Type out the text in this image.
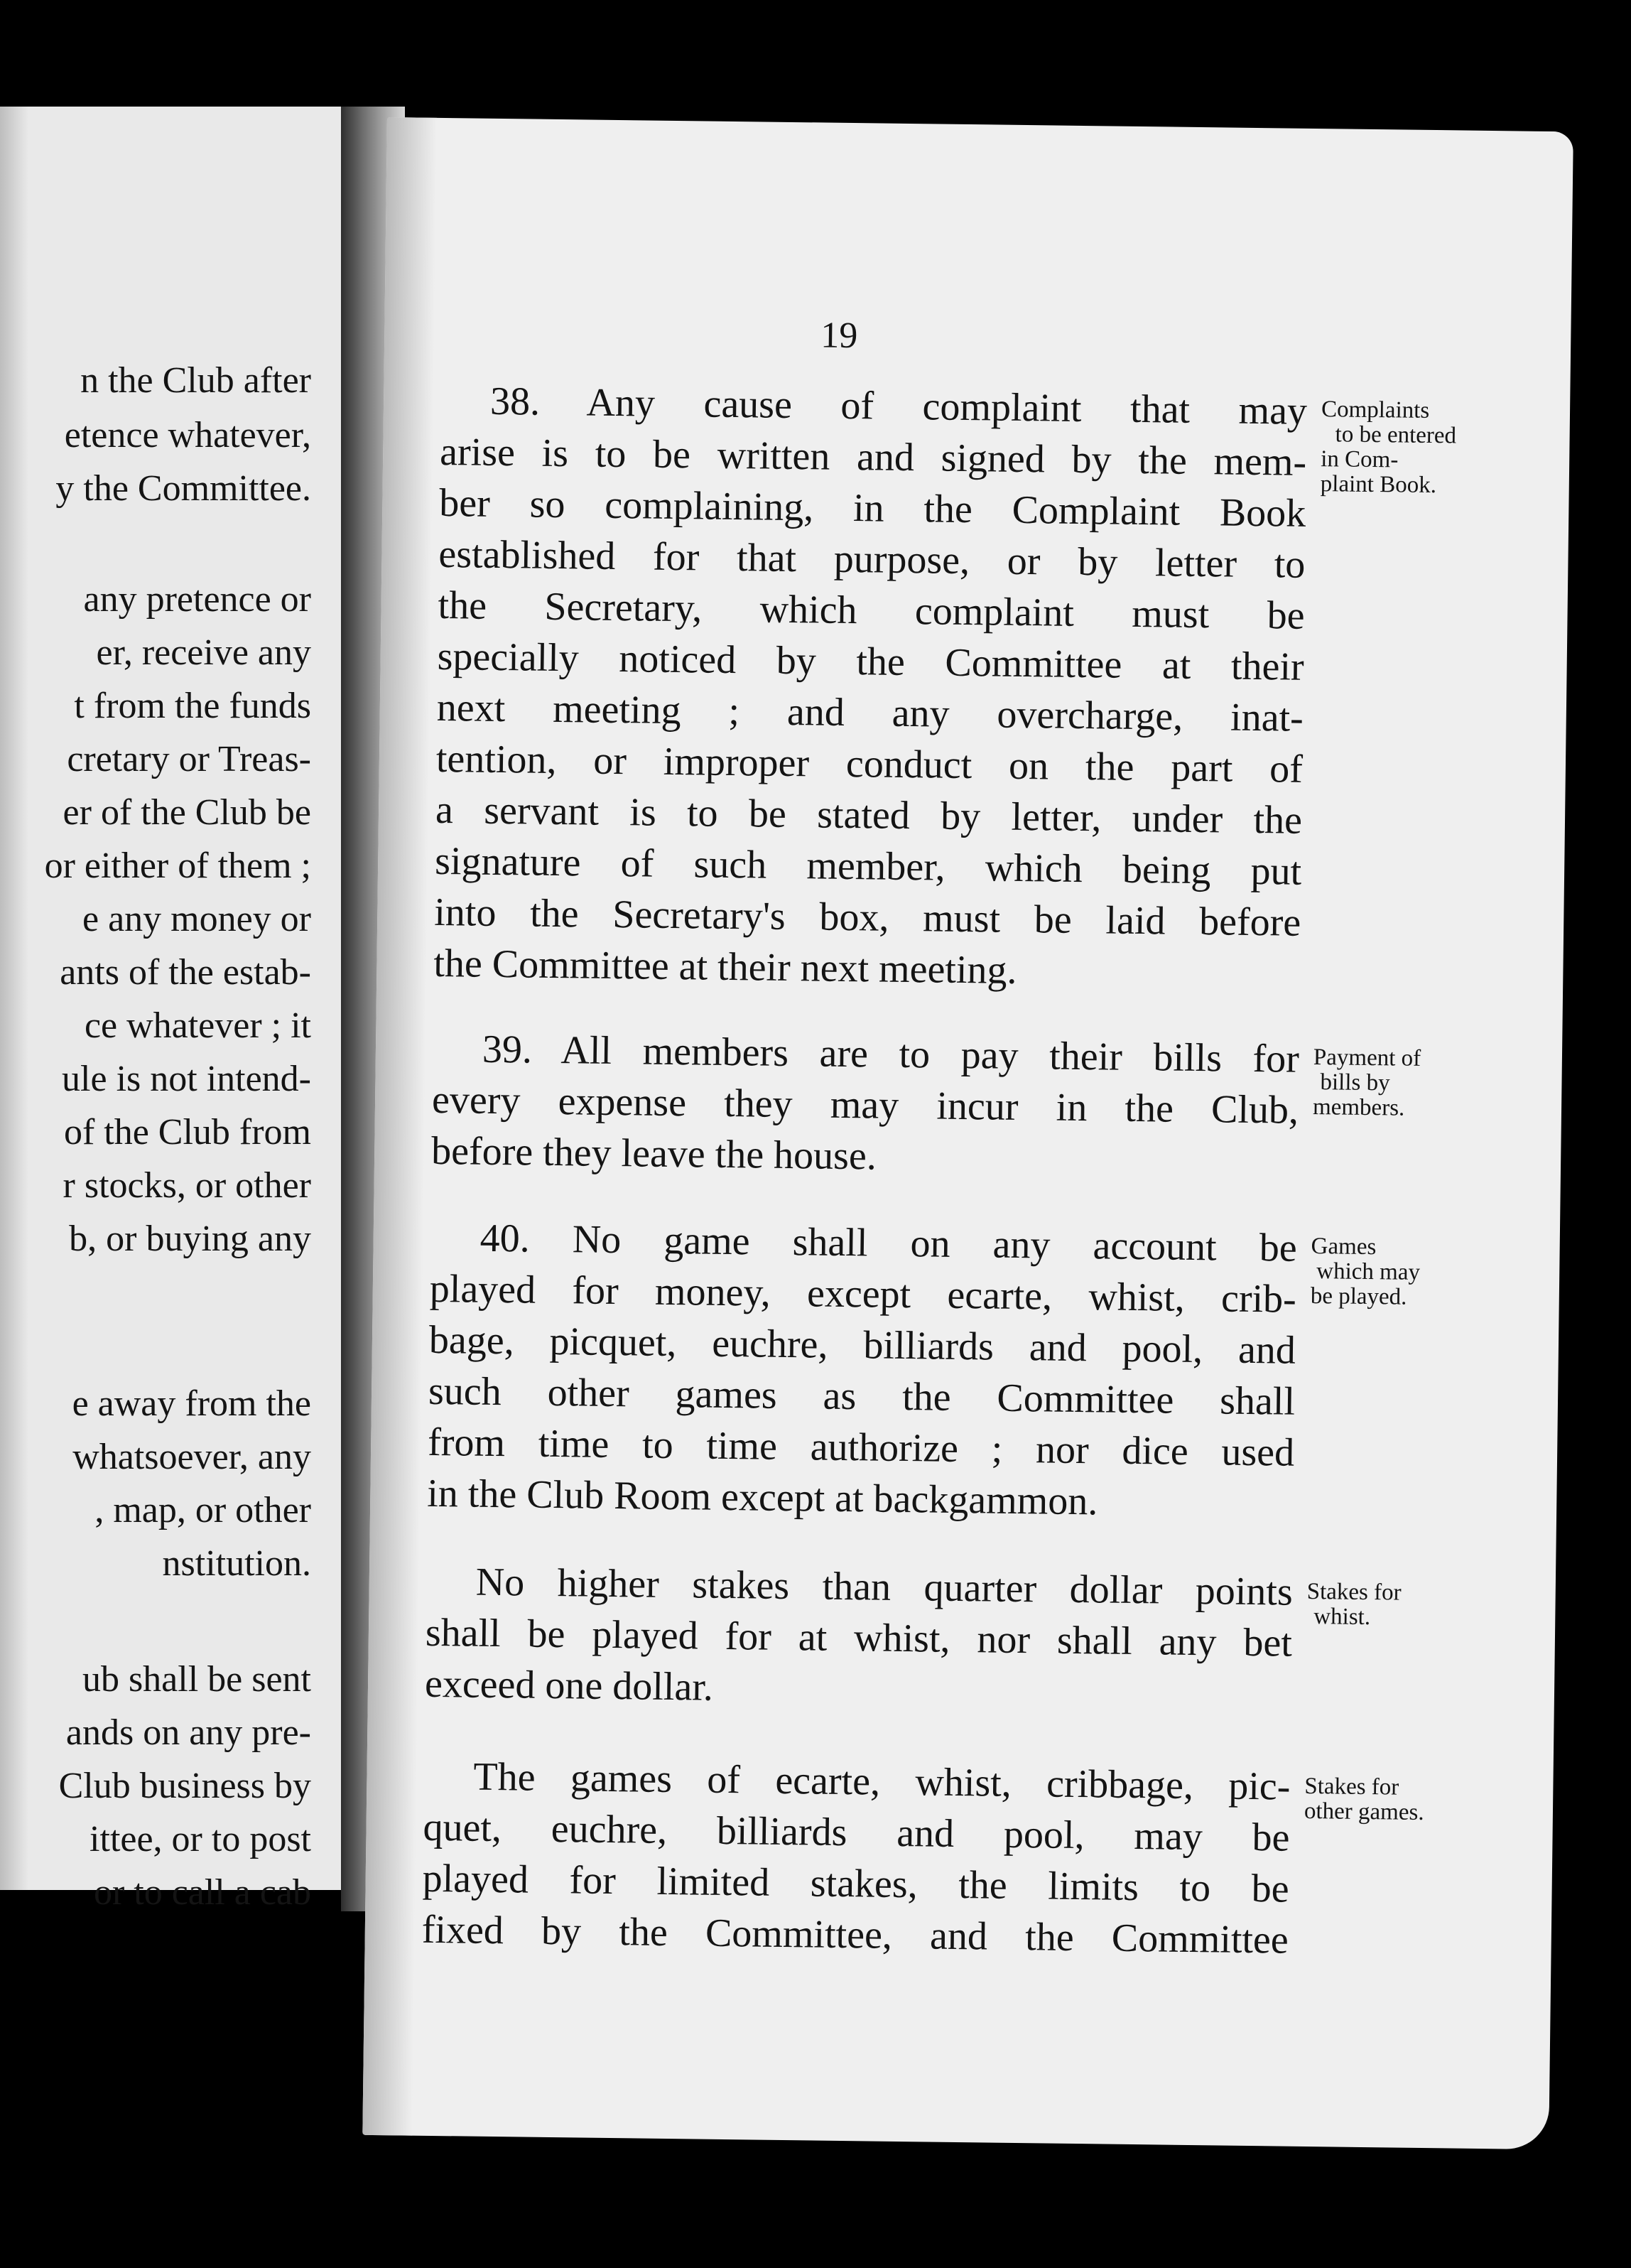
n the Club after
etence whatever,
y the Committee.
any pretence or
er, receive any
t from the funds
cretary or Treas-
er of the Club be
or either of them ;
e any money or
ants of the estab-
ce whatever ; it
ule is not intend-
of the Club from
r stocks, or other
b, or buying any
e away from the
whatsoever, any
, map, or other
nstitution.
ub shall be sent
ands on any pre-
Club business by
ittee, or to post
or to call a cab
19
38. Any cause of complaint that may
arise is to be written and signed by the mem-
ber so complaining, in the Complaint Book
established for that purpose, or by letter to
the Secretary, which complaint must be
specially noticed by the Committee at their
next meeting ; and any overcharge, inat-
tention, or improper conduct on the part of
a servant is to be stated by letter, under the
signature of such member, which being put
into the Secretary's box, must be laid before
the Committee at their next meeting.
Complaints
to be entered
in Com-
plaint Book.
39. All members are to pay their bills for
every expense they may incur in the Club,
before they leave the house.
Payment of
bills by
members.
40. No game shall on any account be
played for money, except ecarte, whist, crib-
bage, picquet, euchre, billiards and pool, and
such other games as the Committee shall
from time to time authorize ; nor dice used
in the Club Room except at backgammon.
Games
which may
be played.
No higher stakes than quarter dollar points
shall be played for at whist, nor shall any bet
exceed one dollar.
Stakes for
whist.
The games of ecarte, whist, cribbage, pic-
quet, euchre, billiards and pool, may be
played for limited stakes, the limits to be
fixed by the Committee, and the Committee
Stakes for
other games.
